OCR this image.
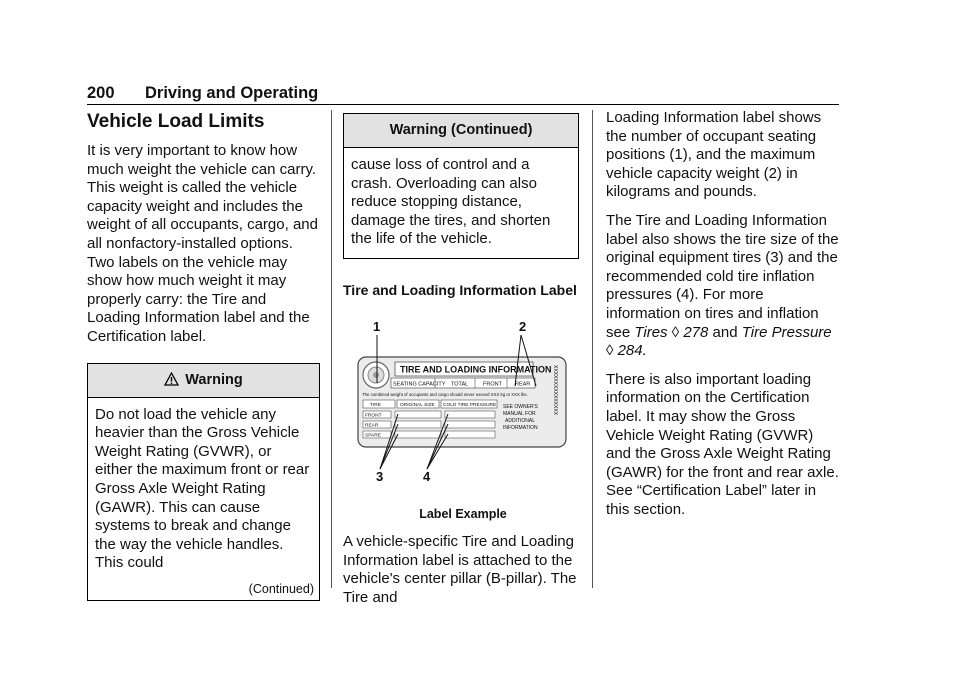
200 Driving and Operating
Vehicle Load Limits

It is very important to know how much weight the vehicle can carry. This weight is called the vehicle capacity weight and includes the weight of all occupants, cargo, and all nonfactory-installed options. Two labels on the vehicle may show how much weight it may properly carry: the Tire and Loading Information label and the Certification label.

Warning

Do not load the vehicle any heavier than the Gross Vehicle Weight Rating (GVWR), or either the maximum front or rear Gross Axle Weight Rating (GAWR). This can cause systems to break and change the way the vehicle handles. This could

(Continued)
Warning (Continued)

cause loss of control and a crash. Overloading can also reduce stopping distance, damage the tires, and shorten the life of the vehicle.

Tire and Loading Information Label
1	2
3	4
TIRE AND LOADING INFORMATION
SEATING CAPACITY TOTAL	FRONT REAR
The combined weight of occupants and cargo should never exceed XXX kg or XXX lbs.
TIRE	ORIGINAL SIZE COLD TIRE PRESSURE
FRONT
REAR
SPARE
SEE OWNER'S
MANUAL FOR
ADDITIONAL
INFORMATION
XXXXXXXXXXXXXXX
Label Example

A vehicle-specific Tire and Loading Information label is attached to the vehicle's center pillar (B-pillar). The Tire and

Loading Information label shows the number of occupant seating positions (1), and the maximum vehicle capacity weight (2) in kilograms and pounds.

The Tire and Loading Information label also shows the tire size of the original equipment tires (3) and the recommended cold tire inflation pressures (4). For more information on tires and inflation see Tires ◊ 278 and Tire Pressure ◊ 284.

There is also important loading information on the Certification label. It may show the Gross Vehicle Weight Rating (GVWR) and the Gross Axle Weight Rating (GAWR) for the front and rear axle. See “Certification Label” later in this section.
